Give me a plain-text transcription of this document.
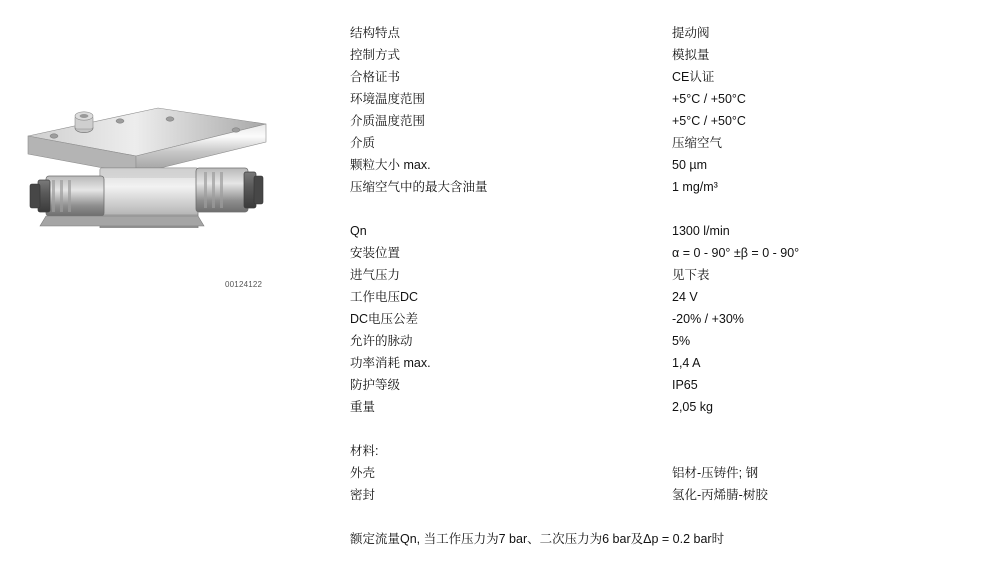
00124122
结构特点	提动阀
控制方式	模拟量
合格证书	CE认证
环境温度范围	+5°C / +50°C
介质温度范围	+5°C / +50°C
介质	压缩空气
颗粒大小 max.	50 µm
压缩空气中的最大含油量	1 mg/m³
Qn	1300 l/min
安装位置	α = 0 - 90° ±β = 0 - 90°
进气压力	见下表
工作电压DC	24 V
DC电压公差	-20% / +30%
允许的脉动	5%
功率消耗 max.	1,4 A
防护等级	IP65
重量	2,05 kg
材料:
外壳	铝材-压铸件; 钢
密封	氢化-丙烯腈-树胶
额定流量Qn, 当工作压力为7 bar、二次压力为6 bar及Δp = 0.2 bar时
